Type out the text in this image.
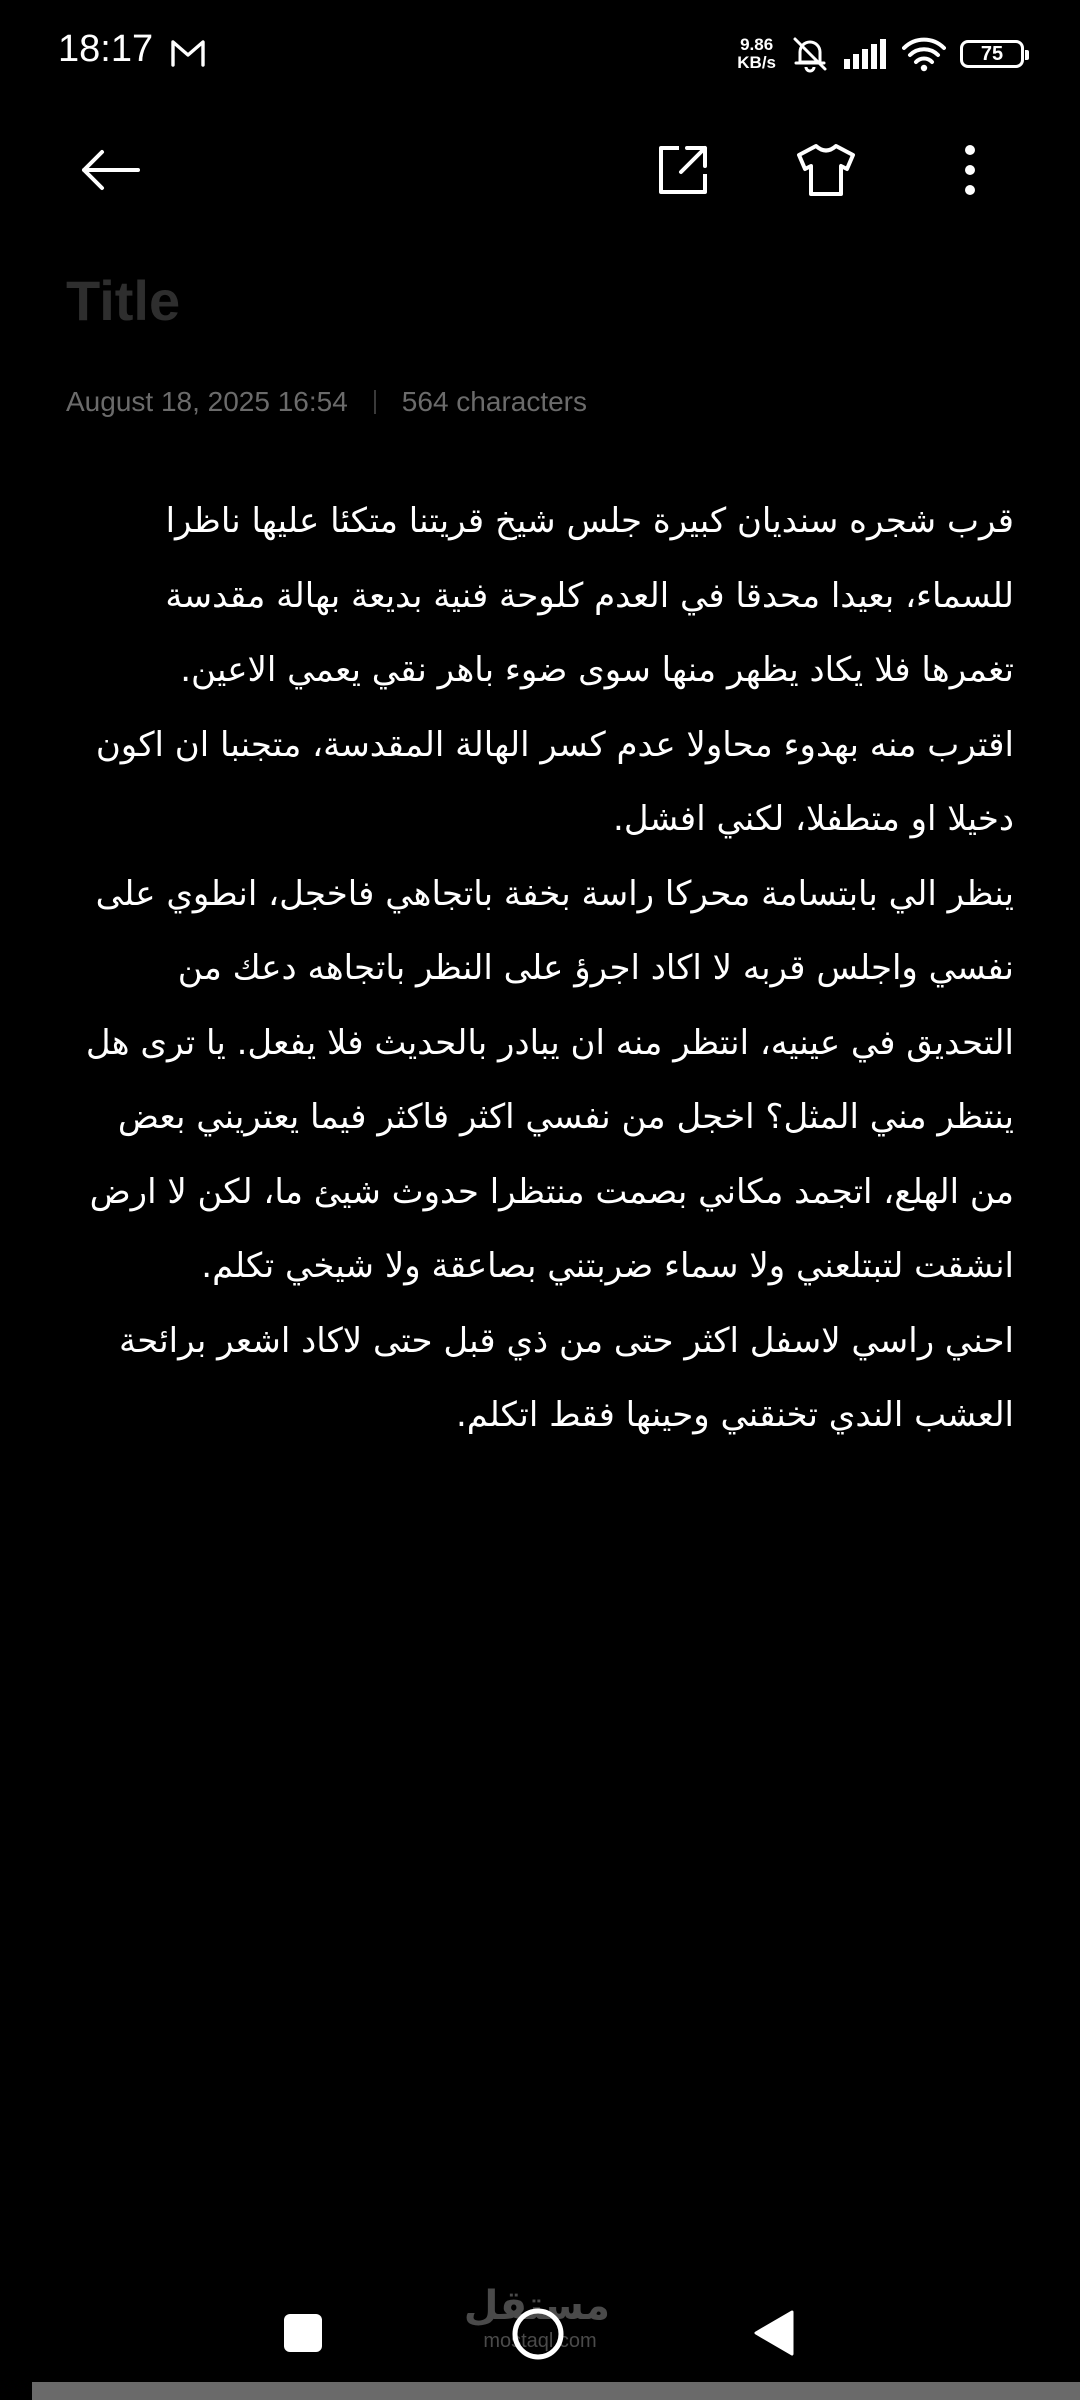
18:17	9.86
KB/s	75
Title
August 18, 2025 16:54 564 characters
قرب شجره سنديان كبيرة جلس شيخ قريتنا متكئا عليها ناظرا للسماء، بعيدا محدقا في العدم كلوحة فنية بديعة بهالة مقدسة تغمرها فلا يكاد يظهر منها سوى ضوء باهر نقي يعمي الاعين.
اقترب منه بهدوء محاولا عدم كسر الهالة المقدسة، متجنبا ان اكون دخيلا او متطفلا، لكني افشل.
ينظر الي بابتسامة محركا راسة بخفة باتجاهي فاخجل، انطوي على نفسي واجلس قربه لا اكاد اجرؤ على النظر باتجاهه دعك من التحديق في عينيه، انتظر منه ان يبادر بالحديث فلا يفعل. يا ترى هل ينتظر مني المثل؟ اخجل من نفسي اكثر فاكثر فيما يعتريني بعض من الهلع، اتجمد مكاني بصمت منتظرا حدوث شيئ ما، لكن لا ارض انشقت لتبتلعني ولا سماء ضربتني بصاعقة ولا شيخي تكلم.
احني راسي لاسفل اكثر حتى من ذي قبل حتى لاكاد اشعر برائحة العشب الندي تخنقني وحينها فقط اتكلم.
مستقل
mostaql.com
